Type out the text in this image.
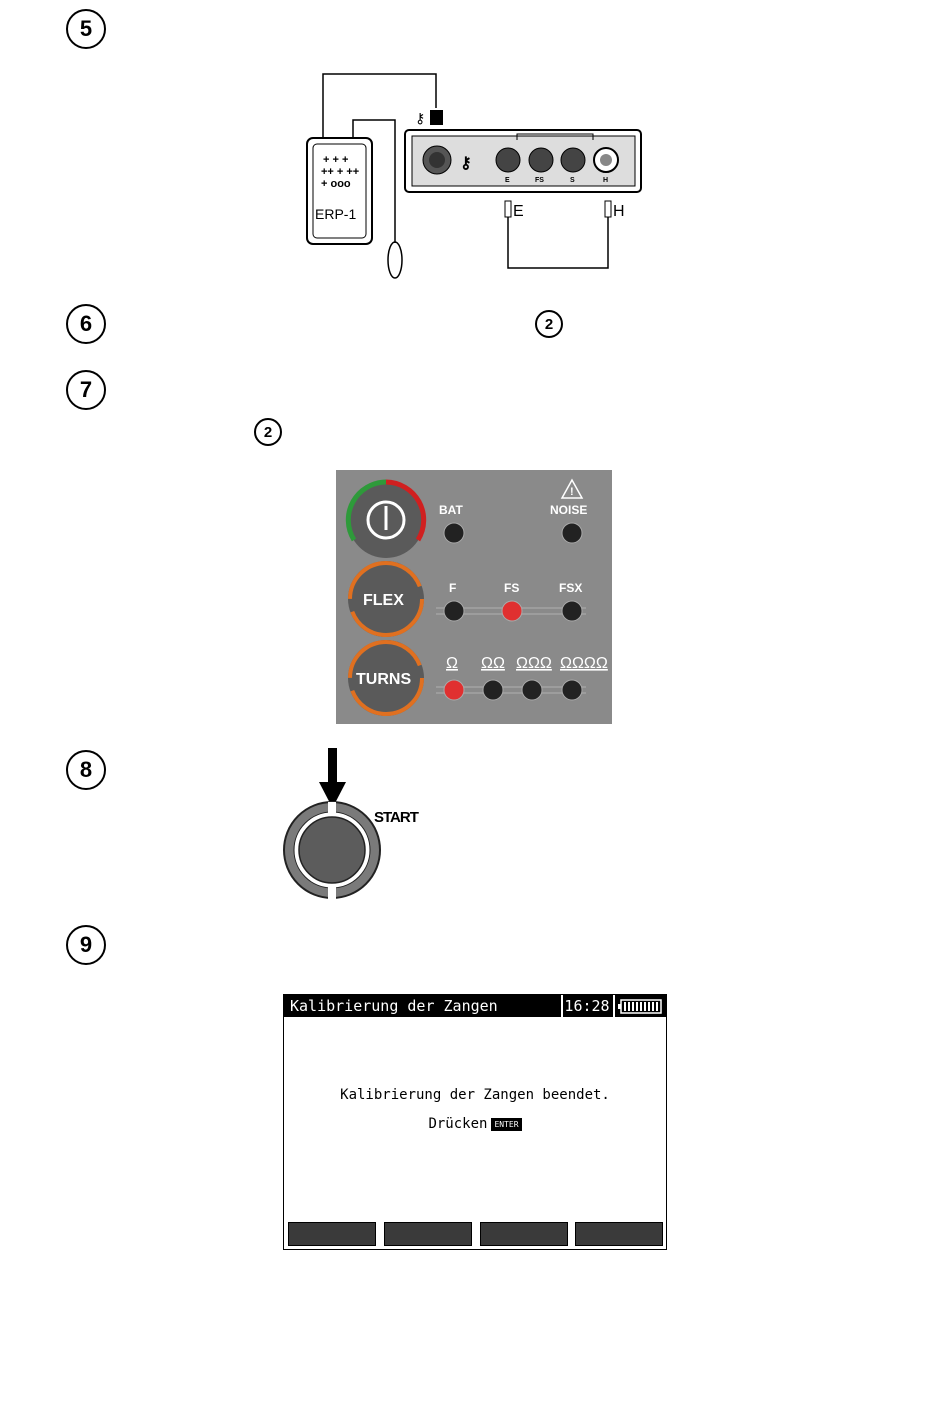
5
+ + +
++ + ++
+ ooo
ERP-1
⚷
⚷
E	FS	S	H
E	H
6	2
7
2
FLEX
TURNS
BAT
!
NOISE
F	FS	FSX
Ω ΩΩ ΩΩΩ ΩΩΩΩ
8
START
9
Kalibrierung der Zangen	16:28
Kalibrierung der Zangen beendet.
Drücken ENTER
